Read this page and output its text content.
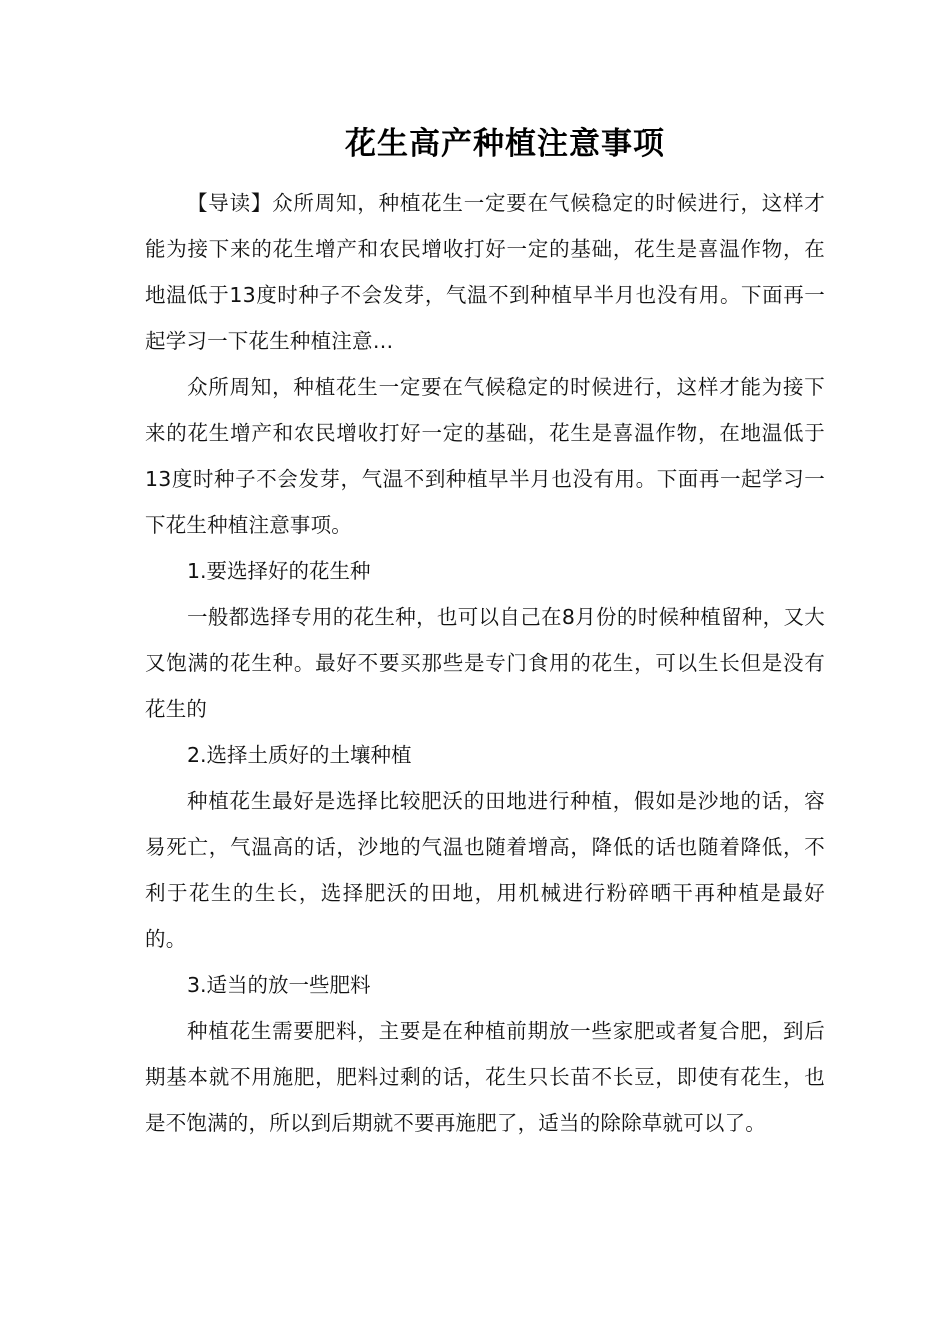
花生高产种植注意事项

【导读】众所周知，种植花生一定要在气候稳定的时候进行，这样才能为接下来的花生增产和农民增收打好一定的基础，花生是喜温作物，在地温低于13度时种子不会发芽，气温不到种植早半月也没有用。下面再一起学习一下花生种植注意…

众所周知，种植花生一定要在气候稳定的时候进行，这样才能为接下来的花生增产和农民增收打好一定的基础，花生是喜温作物，在地温低于13度时种子不会发芽，气温不到种植早半月也没有用。下面再一起学习一下花生种植注意事项。

1.要选择好的花生种

一般都选择专用的花生种，也可以自己在8月份的时候种植留种，又大又饱满的花生种。最好不要买那些是专门食用的花生，可以生长但是没有花生的

2.选择土质好的土壤种植

种植花生最好是选择比较肥沃的田地进行种植，假如是沙地的话，容易死亡，气温高的话，沙地的气温也随着增高，降低的话也随着降低，不利于花生的生长，选择肥沃的田地，用机械进行粉碎晒干再种植是最好的。

3.适当的放一些肥料

种植花生需要肥料，主要是在种植前期放一些家肥或者复合肥，到后期基本就不用施肥，肥料过剩的话，花生只长苗不长豆，即使有花生，也是不饱满的，所以到后期就不要再施肥了，适当的除除草就可以了。
